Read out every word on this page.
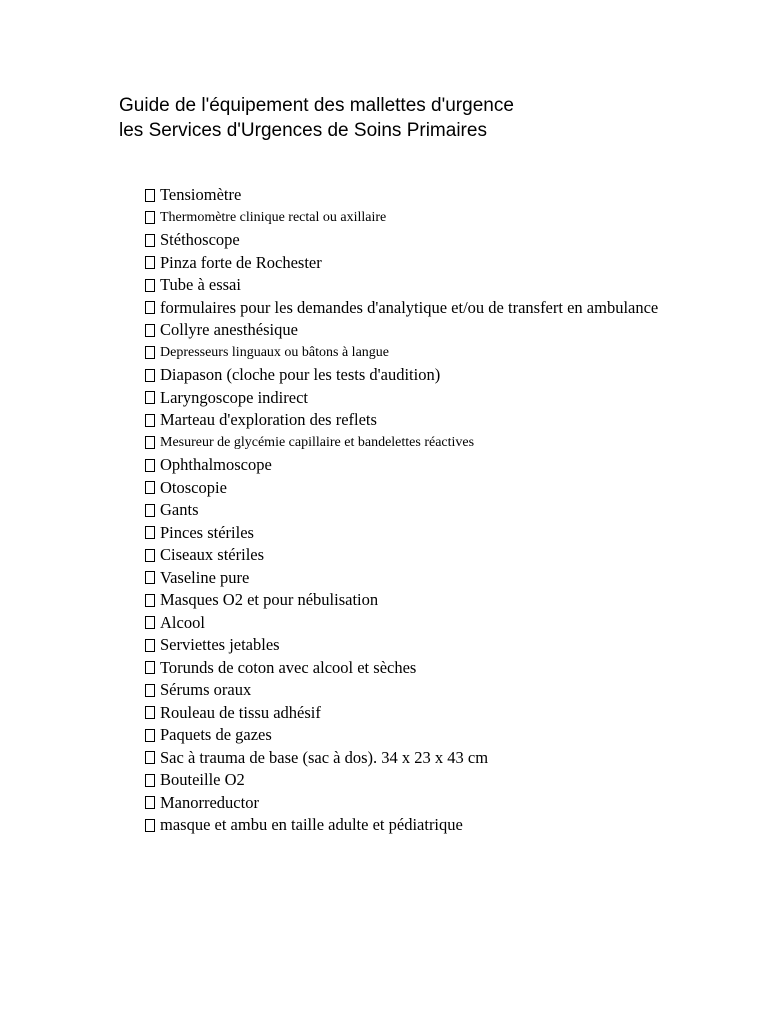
Guide de l'équipement des mallettes d'urgence
les Services d'Urgences de Soins Primaires
Tensiomètre
Thermomètre clinique rectal ou axillaire
Stéthoscope
Pinza forte de Rochester
Tube à essai
formulaires pour les demandes d'analytique et/ou de transfert en ambulance
Collyre anesthésique
Depresseurs linguaux ou bâtons à langue
Diapason (cloche pour les tests d'audition)
Laryngoscope indirect
Marteau d'exploration des reflets
Mesureur de glycémie capillaire et bandelettes réactives
Ophthalmoscope
Otoscopie
Gants
Pinces stériles
Ciseaux stériles
Vaseline pure
Masques O2 et pour nébulisation
Alcool
Serviettes jetables
Torunds de coton avec alcool et sèches
Sérums oraux
Rouleau de tissu adhésif
Paquets de gazes
Sac à trauma de base (sac à dos). 34 x 23 x 43 cm
Bouteille O2
Manorreductor
masque et ambu en taille adulte et pédiatrique
